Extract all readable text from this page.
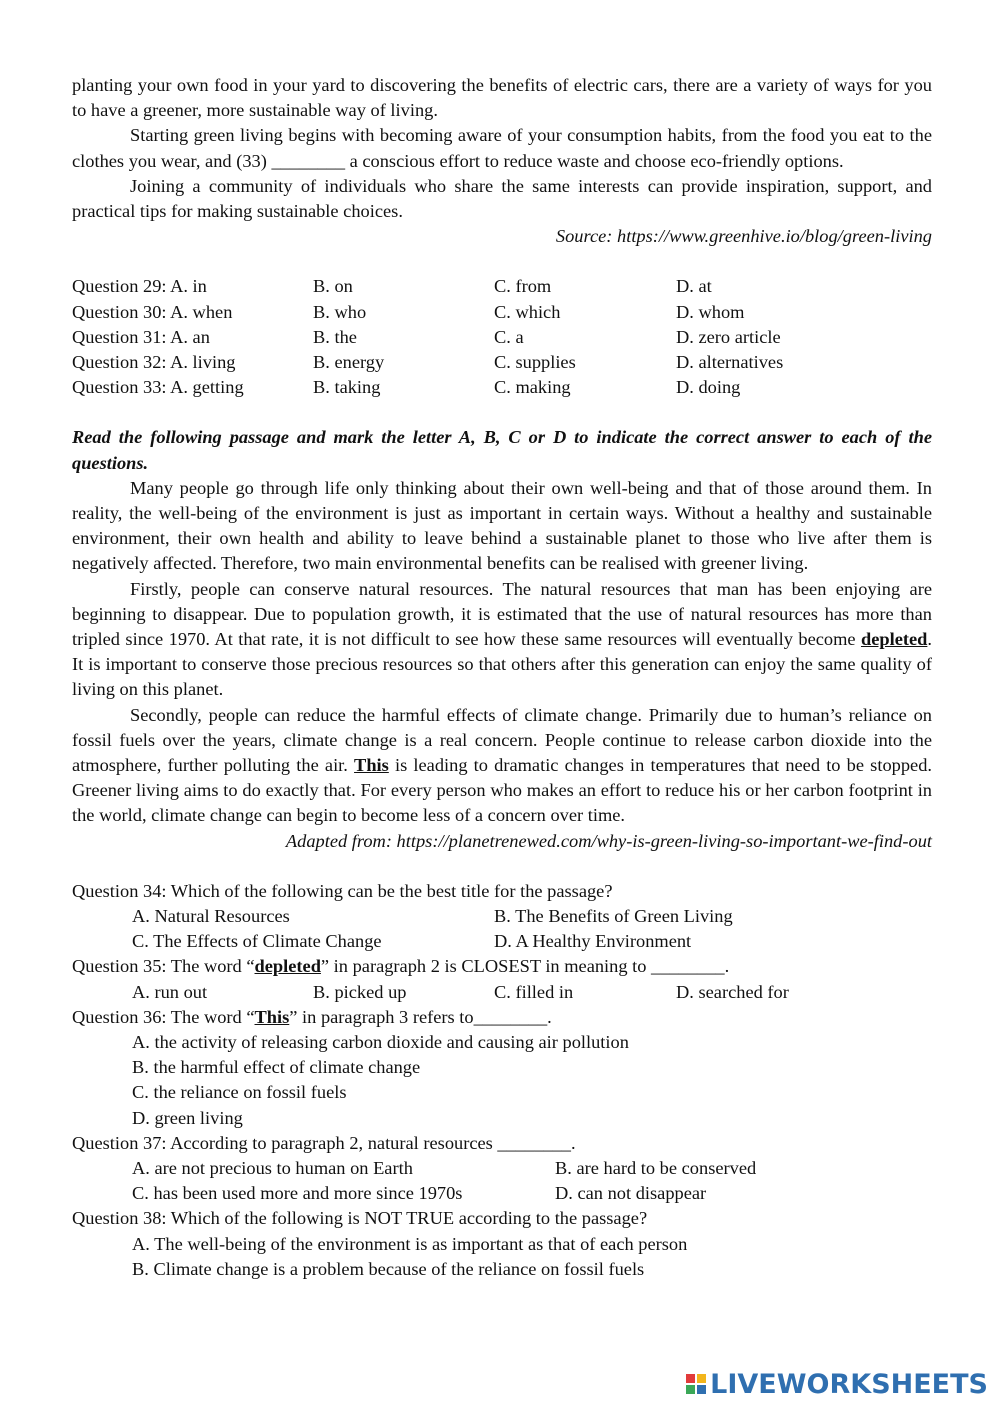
planting your own food in your yard to discovering the benefits of electric cars, there are a variety of ways for you to have a greener, more sustainable way of living.

Starting green living begins with becoming aware of your consumption habits, from the food you eat to the clothes you wear, and (33) ________ a conscious effort to reduce waste and choose eco-friendly options.

Joining a community of individuals who share the same interests can provide inspiration, support, and practical tips for making sustainable choices.

Source: https://www.greenhive.io/blog/green-living

Question 29: A. in	B. on	C. from	D. at
Question 30: A. when	B. who	C. which	D. whom
Question 31: A. an	B. the	C. a	D. zero article
Question 32: A. living	B. energy	C. supplies	D. alternatives
Question 33: A. getting	B. taking	C. making	D. doing

Read the following passage and mark the letter A, B, C or D to indicate the correct answer to each of the questions.

Many people go through life only thinking about their own well-being and that of those around them. In reality, the well-being of the environment is just as important in certain ways. Without a healthy and sustainable environment, their own health and ability to leave behind a sustainable planet to those who live after them is negatively affected. Therefore, two main environmental benefits can be realised with greener living.

Firstly, people can conserve natural resources. The natural resources that man has been enjoying are beginning to disappear. Due to population growth, it is estimated that the use of natural resources has more than tripled since 1970. At that rate, it is not difficult to see how these same resources will eventually become depleted. It is important to conserve those precious resources so that others after this generation can enjoy the same quality of living on this planet.

Secondly, people can reduce the harmful effects of climate change. Primarily due to human’s reliance on fossil fuels over the years, climate change is a real concern. People continue to release carbon dioxide into the atmosphere, further polluting the air. This is leading to dramatic changes in temperatures that need to be stopped. Greener living aims to do exactly that. For every person who makes an effort to reduce his or her carbon footprint in the world, climate change can begin to become less of a concern over time.

Adapted from: https://planetrenewed.com/why-is-green-living-so-important-we-find-out

Question 34: Which of the following can be the best title for the passage?
A. Natural Resources	B. The Benefits of Green Living
C. The Effects of Climate Change	D. A Healthy Environment
Question 35: The word “depleted” in paragraph 2 is CLOSEST in meaning to ________.
A. run out	B. picked up	C. filled in	D. searched for
Question 36: The word “This” in paragraph 3 refers to________.
A. the activity of releasing carbon dioxide and causing air pollution
B. the harmful effect of climate change
C. the reliance on fossil fuels
D. green living
Question 37: According to paragraph 2, natural resources ________.
A. are not precious to human on Earth	B. are hard to be conserved
C. has been used more and more since 1970s	D. can not disappear
Question 38: Which of the following is NOT TRUE according to the passage?
A. The well-being of the environment is as important as that of each person
B. Climate change is a problem because of the reliance on fossil fuels
LIVEWORKSHEETS
